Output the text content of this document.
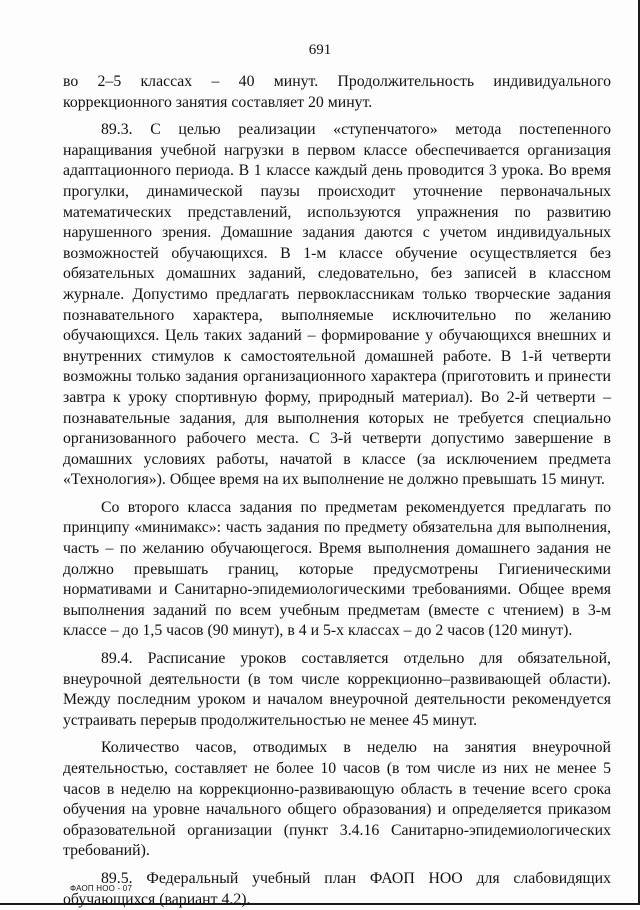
691

во 2–5 классах – 40 минут. Продолжительность индивидуального коррекционного занятия составляет 20 минут.

89.3. С целью реализации «ступенчатого» метода постепенного наращивания учебной нагрузки в первом классе обеспечивается организация адаптационного периода. В 1 классе каждый день проводится 3 урока. Во время прогулки, динамической паузы происходит уточнение первоначальных математических представлений, используются упражнения по развитию нарушенного зрения. Домашние задания даются с учетом индивидуальных возможностей обучающихся. В 1-м классе обучение осуществляется без обязательных домашних заданий, следовательно, без записей в классном журнале. Допустимо предлагать первоклассникам только творческие задания познавательного характера, выполняемые исключительно по желанию обучающихся. Цель таких заданий – формирование у обучающихся внешних и внутренних стимулов к самостоятельной домашней работе. В 1-й четверти возможны только задания организационного характера (приготовить и принести завтра к уроку спортивную форму, природный материал). Во 2-й четверти – познавательные задания, для выполнения которых не требуется специально организованного рабочего места. С 3-й четверти допустимо завершение в домашних условиях работы, начатой в классе (за исключением предмета «Технология»). Общее время на их выполнение не должно превышать 15 минут.

Со второго класса задания по предметам рекомендуется предлагать по принципу «минимакс»: часть задания по предмету обязательна для выполнения, часть – по желанию обучающегося. Время выполнения домашнего задания не должно превышать границ, которые предусмотрены Гигиеническими нормативами и Санитарно-эпидемиологическими требованиями. Общее время выполнения заданий по всем учебным предметам (вместе с чтением) в 3-м классе – до 1,5 часов (90 минут), в 4 и 5-х классах – до 2 часов (120 минут).

89.4. Расписание уроков составляется отдельно для обязательной, внеурочной деятельности (в том числе коррекционно–развивающей области). Между последним уроком и началом внеурочной деятельности рекомендуется устраивать перерыв продолжительностью не менее 45 минут.

Количество часов, отводимых в неделю на занятия внеурочной деятельностью, составляет не более 10 часов (в том числе из них не менее 5 часов в неделю на коррекционно-развивающую область в течение всего срока обучения на уровне начального общего образования) и определяется приказом образовательной организации (пункт 3.4.16 Санитарно-эпидемиологических требований).

89.5. Федеральный учебный план ФАОП НОО для слабовидящих обучающихся (вариант 4.2).

ФАОП НОО - 07
